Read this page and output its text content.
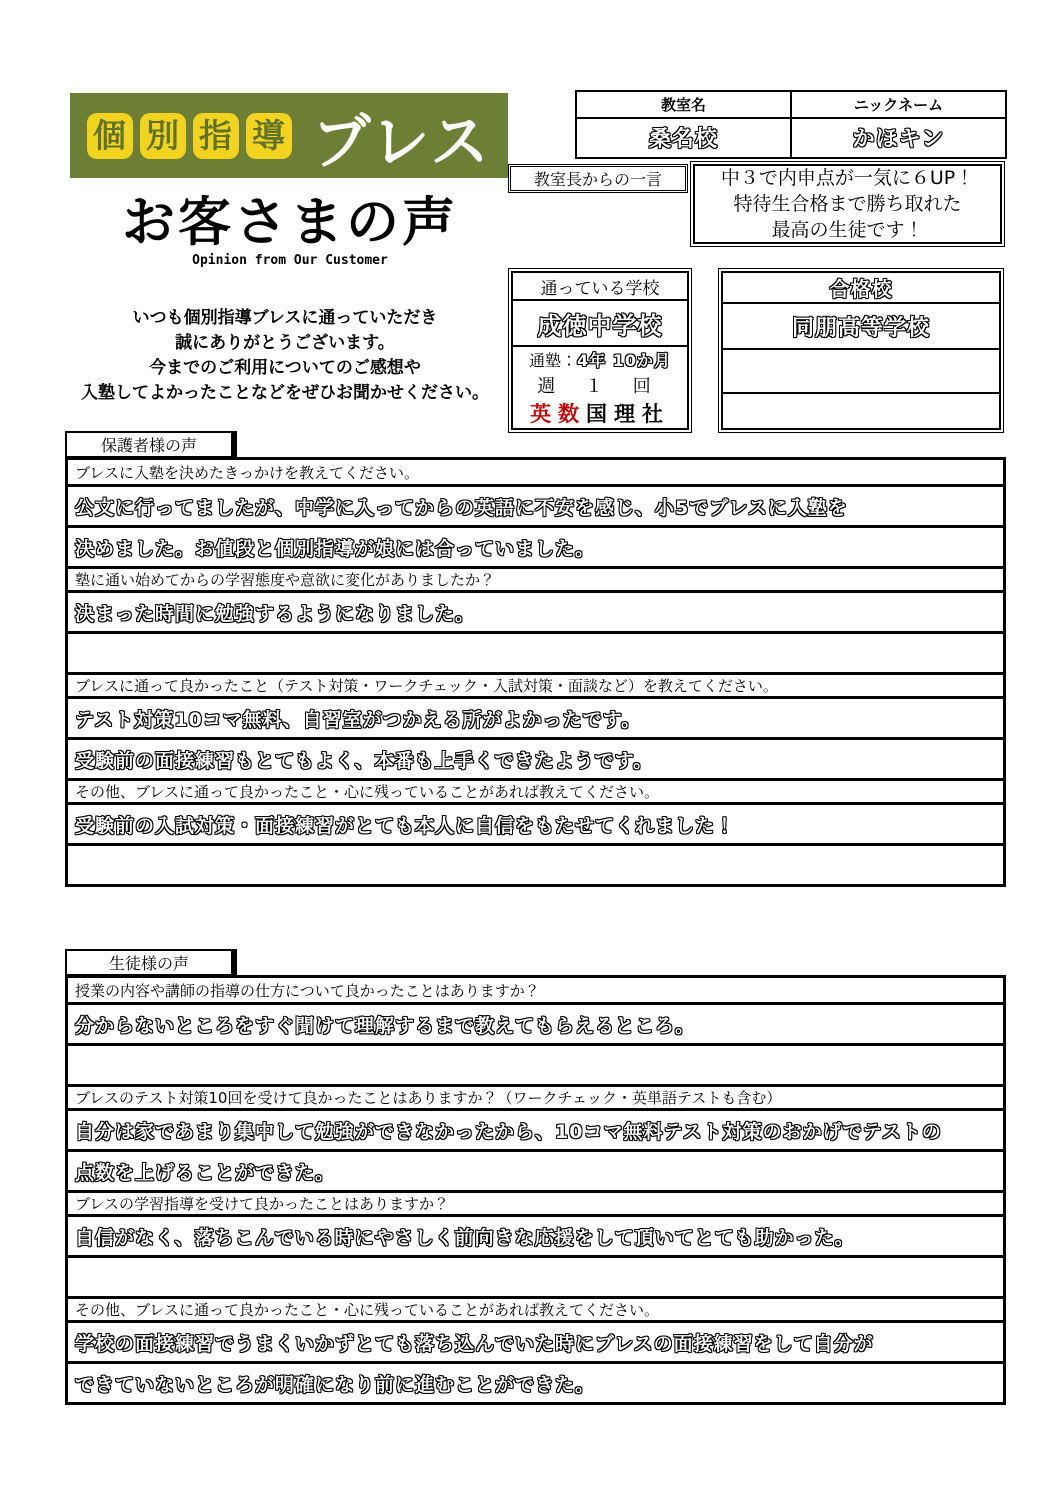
個 別 指 導 ブレス
お客さまの声
Opinion from Our Customer
いつも個別指導ブレスに通っていただき
誠にありがとうございます。
今までのご利用についてのご感想や
入塾してよかったことなどをぜひお聞かせください。
教室名	ニックネーム
桑名校	かほキン
教室長からの一言	中３で内申点が一気に６UP！
特待生合格まで勝ち取れた
最高の生徒です！
通っている学校
成徳中学校
通塾：4年 10か月
週 １ 回
英数国理社
合格校
同朋高等学校
保護者様の声
ブレスに入塾を決めたきっかけを教えてください。
公文に行ってましたが、中学に入ってからの英語に不安を感じ、小5でブレスに入塾を
決めました。お値段と個別指導が娘には合っていました。
塾に通い始めてからの学習態度や意欲に変化がありましたか？
決まった時間に勉強するようになりました。
ブレスに通って良かったこと（テスト対策・ワークチェック・入試対策・面談など）を教えてください。
テスト対策10コマ無料、自習室がつかえる所がよかったです。
受験前の面接練習もとてもよく、本番も上手くできたようです。
その他、ブレスに通って良かったこと・心に残っていることがあれば教えてください。
受験前の入試対策・面接練習がとても本人に自信をもたせてくれました！
生徒様の声
授業の内容や講師の指導の仕方について良かったことはありますか？
分からないところをすぐ聞けて理解するまで教えてもらえるところ。
ブレスのテスト対策10回を受けて良かったことはありますか？（ワークチェック・英単語テストも含む）
自分は家であまり集中して勉強ができなかったから、10コマ無料テスト対策のおかげでテストの
点数を上げることができた。
ブレスの学習指導を受けて良かったことはありますか？
自信がなく、落ちこんでいる時にやさしく前向きな応援をして頂いてとても助かった。
その他、ブレスに通って良かったこと・心に残っていることがあれば教えてください。
学校の面接練習でうまくいかずとても落ち込んでいた時にブレスの面接練習をして自分が
できていないところが明確になり前に進むことができた。
